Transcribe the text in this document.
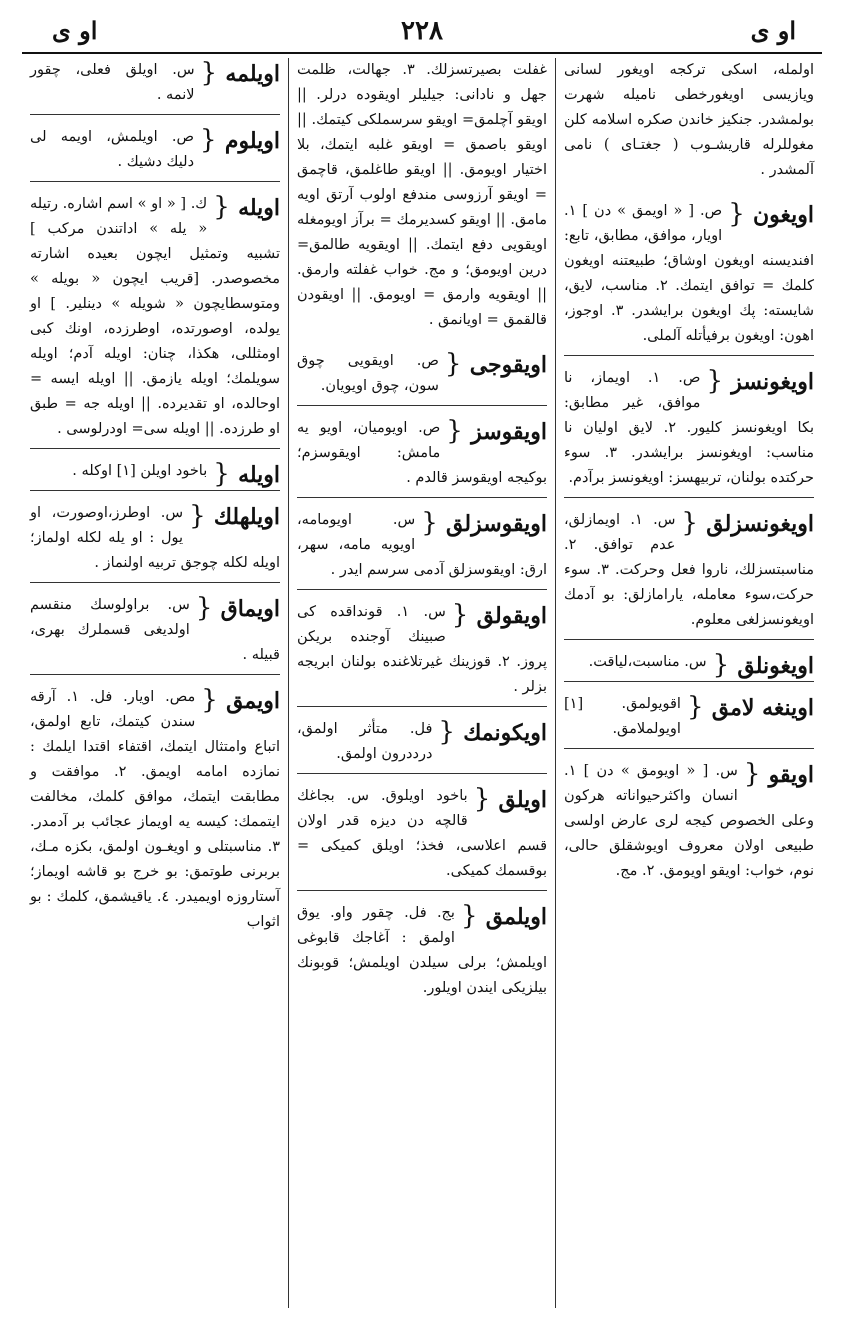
او ى
۲۲۸
او ى
اولمله، اسكى تركجه اويغور لسانى ويازيسى اويغورخطى ناميله شهرت بولمشدر. جنكيز خاندن صكره اسلامه كلن مغوللرله قاريشـوب ( جغتـاى ) نامى آلمشدر .
اويغون {
ص. [ « اويمق » دن ] ١. اويار، موافق، مطابق، تابع: افنديسنه اويغون اوشاق؛ طبيعتنه اويغون كلمك = توافق ايتمك. ٢. مناسب، لايق، شايسته: پك اويغون برايشدر. ٣. اوجوز، اهون: اويغون برفيأتله آلملى.
اويغونسز {
ص. ١. اويماز، نا موافق، غير مطابق: بكا اويغونسز كليور. ٢. لايق اوليان نا مناسب: اويغونسز برايشدر. ٣. سوء حركتده بولنان، تربيهسز: اويغونسز برآدم.
اويغونسزلق {
س. ١. اويمازلق، عدم توافق. ٢. مناسبتسزلك، ناروا فعل وحركت. ٣. سوء حركت،سوء معامله، يارامازلق: بو آدمك اويغونسزلغى معلوم.
اويغونلق {
س. مناسبت،لياقت.
اوينغه لامق {
اقويولمق. [١] اويولملامق.
اويقو {
س. [ « اويومق » دن ] ١. انسان واكثرحيواناته هركون وعلى الخصوص كيجه لرى عارض اولسى طبيعى اولان معروف اويوشقلق حالى، نوم، خواب: اويقو اويومق. ٢. مج.
غفلت بصيرتسزلك. ٣. جهالت، ظلمت جهل و نادانى: جيليلر اويقوده درلر. || اويقو آچلمق= اويقو سرسملكى كيتمك. || اويقو باصمق = اويقو غلبه ايتمك، بلا اختيار اويومق. || اويقو طاغلمق، قاچمق = اويقو آرزوسى مندفع اولوب آرتق اويه مامق. || اويقو كسديرمك = برآز اويومغله اويقويى دفع ايتمك. || اويقويه طالمق= درين اويومق؛ و مج. خواب غفلته وارمق. || اويقويه وارمق = اويومق. || اويقودن قالقمق = اويانمق .
اويقوجى {
ص. اويقويى چوق سون، چوق اويويان.
اويقوسز {
ص. اويوميان، اويو يه مامش: اويقوسزم؛ بوكيجه اويقوسز قالدم .
اويقوسزلق {
س. اويومامه، اويويه مامه، سهر، ارق: اويقوسزلق آدمى سرسم ايدر .
اويقولق {
س. ١. قونداقده كى صبينك آوجنده بريكن پروز. ٢. قوزينك غيرتلاغنده بولنان ابريجه بزلر .
اويكونمك {
فل. متأثر اولمق، درددرون اولمق.
اويلق {
باخود اويلوق. س. بجاغك قالچه دن ديزه قدر اولان قسم اعلاسى، فخذ؛ اويلق كميكى = بوقسمك كميكى.
اويلمق {
بج. فل. چقور واو. يوق اولمق : آغاجك قابوغى اويلمش؛ برلى سيلدن اويلمش؛ قوبونك بيلزيكى ايندن اويلور.
اويلمه {
س. اويلق فعلى، چقور لانمه .
اويلوم {
ص. اويلمش، اويمه لى دليك دشيك .
اويله {
ك. [ « او » اسم اشاره. رتيله « يله » اداتندن مركب ] تشبيه وتمثيل ايچون بعيده اشارته مخصوصدر. [قريب ايچون « بويله » ومتوسطايچون « شويله » دينلير. ] او يولده، اوصورتده، اوطرزده، اونك كبى اومثللى، هكذا، چنان: اويله آدم؛ اويله سويلمك؛ اويله يازمق. || اويله ايسه = اوحالده، او تقديرده. || اويله جه = طبق او طرزده. || اويله سى= اودرلوسى .
اويله {
باخود اويلن [١] اوكله .
اويلهلك {
س. اوطرز،اوصورت، او يول : او يله لكله اولماز؛ اويله لكله چوجق تربيه اولنماز .
اويماق {
س. براولوسك منقسم اولديغى قسملرك بهرى، قبيله .
اويمق {
مص. اويار. فل. ١. آرقه سندن كيتمك، تابع اولمق، اتباع وامتثال ايتمك، اقتفاء اقتدا ايلمك : نمازده امامه اويمق. ٢. موافقت و مطابقت ايتمك، موافق كلمك، مخالفت ايتممك: كيسه يه اويماز عجائب بر آدمدر. ٣. مناسبتلى و اويغـون اولمق، بكزه مـك، بربرنى طوتمق: بو خرج بو قاشه اويماز؛آستاروزه اويميدر. ٤. ياقيشمق، كلمك : بو اثواب
